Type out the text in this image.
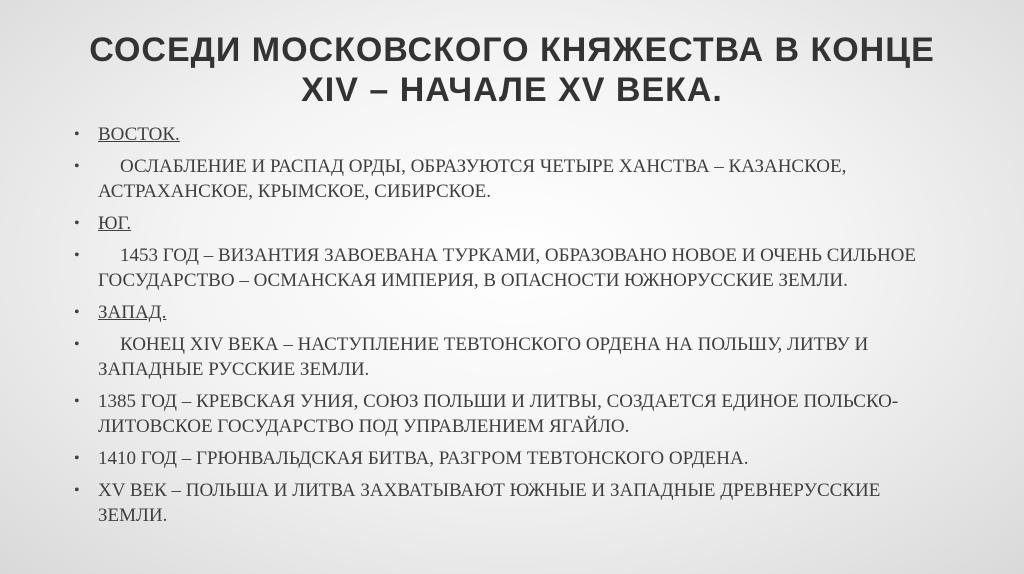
СОСЕДИ МОСКОВСКОГО КНЯЖЕСТВА В КОНЦЕ
XIV – НАЧАЛЕ XV ВЕКА.
• ВОСТОК.
• ОСЛАБЛЕНИЕ И РАСПАД ОРДЫ, ОБРАЗУЮТСЯ ЧЕТЫРЕ ХАНСТВА – КАЗАНСКОЕ, АСТРАХАНСКОЕ, КРЫМСКОЕ, СИБИРСКОЕ.
• ЮГ.
• 1453 ГОД – ВИЗАНТИЯ ЗАВОЕВАНА ТУРКАМИ, ОБРАЗОВАНО НОВОЕ И ОЧЕНЬ СИЛЬНОЕ ГОСУДАРСТВО – ОСМАНСКАЯ ИМПЕРИЯ, В ОПАСНОСТИ ЮЖНОРУССКИЕ ЗЕМЛИ.
• ЗАПАД.
• КОНЕЦ XIV ВЕКА – НАСТУПЛЕНИЕ ТЕВТОНСКОГО ОРДЕНА НА ПОЛЬШУ, ЛИТВУ И ЗАПАДНЫЕ РУССКИЕ ЗЕМЛИ.
• 1385 ГОД – КРЕВСКАЯ УНИЯ, СОЮЗ ПОЛЬШИ И ЛИТВЫ, СОЗДАЕТСЯ ЕДИНОЕ ПОЛЬСКО-ЛИТОВСКОЕ ГОСУДАРСТВО ПОД УПРАВЛЕНИЕМ ЯГАЙЛО.
• 1410 ГОД – ГРЮНВАЛЬДСКАЯ БИТВА, РАЗГРОМ ТЕВТОНСКОГО ОРДЕНА.
• XV ВЕК – ПОЛЬША И ЛИТВА ЗАХВАТЫВАЮТ ЮЖНЫЕ И ЗАПАДНЫЕ ДРЕВНЕРУССКИЕ ЗЕМЛИ.
